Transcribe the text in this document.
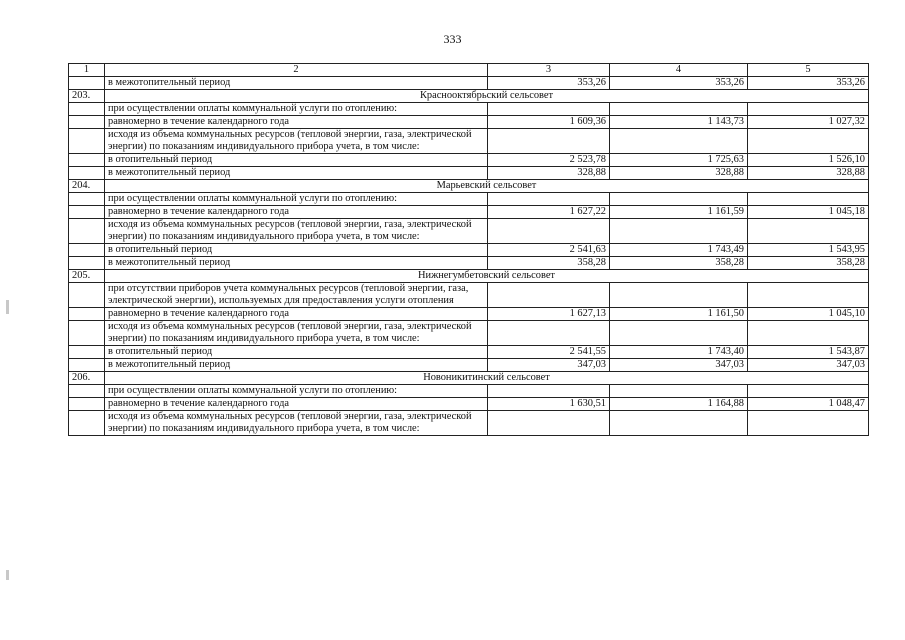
333
1	2	3	4	5
	в межотопительный период	353,26	353,26	353,26
203.	Краснооктябрьский сельсовет			
	при осуществлении оплаты коммунальной услуги по отоплению:			
	равномерно в течение календарного года	1 609,36	1 143,73	1 027,32
	исходя из объема коммунальных ресурсов (тепловой энергии, газа, электрической энергии) по показаниям индивидуального прибора учета, в том числе:			
	в отопительный период	2 523,78	1 725,63	1 526,10
	в межотопительный период	328,88	328,88	328,88
204.	Марьевский сельсовет			
	при осуществлении оплаты коммунальной услуги по отоплению:			
	равномерно в течение календарного года	1 627,22	1 161,59	1 045,18
	исходя из объема коммунальных ресурсов (тепловой энергии, газа, электрической энергии) по показаниям индивидуального прибора учета, в том числе:			
	в отопительный период	2 541,63	1 743,49	1 543,95
	в межотопительный период	358,28	358,28	358,28
205.	Нижнегумбетовский сельсовет			
	при отсутствии приборов учета коммунальных ресурсов (тепловой энергии, газа, электрической энергии), используемых для предоставления услуги отопления			
	равномерно в течение календарного года	1 627,13	1 161,50	1 045,10
	исходя из объема коммунальных ресурсов (тепловой энергии, газа, электрической энергии) по показаниям индивидуального прибора учета, в том числе:			
	в отопительный период	2 541,55	1 743,40	1 543,87
	в межотопительный период	347,03	347,03	347,03
206.	Новоникитинский сельсовет			
	при осуществлении оплаты коммунальной услуги по отоплению:			
	равномерно в течение календарного года	1 630,51	1 164,88	1 048,47
	исходя из объема коммунальных ресурсов (тепловой энергии, газа, электрической энергии) по показаниям индивидуального прибора учета, в том числе:			
